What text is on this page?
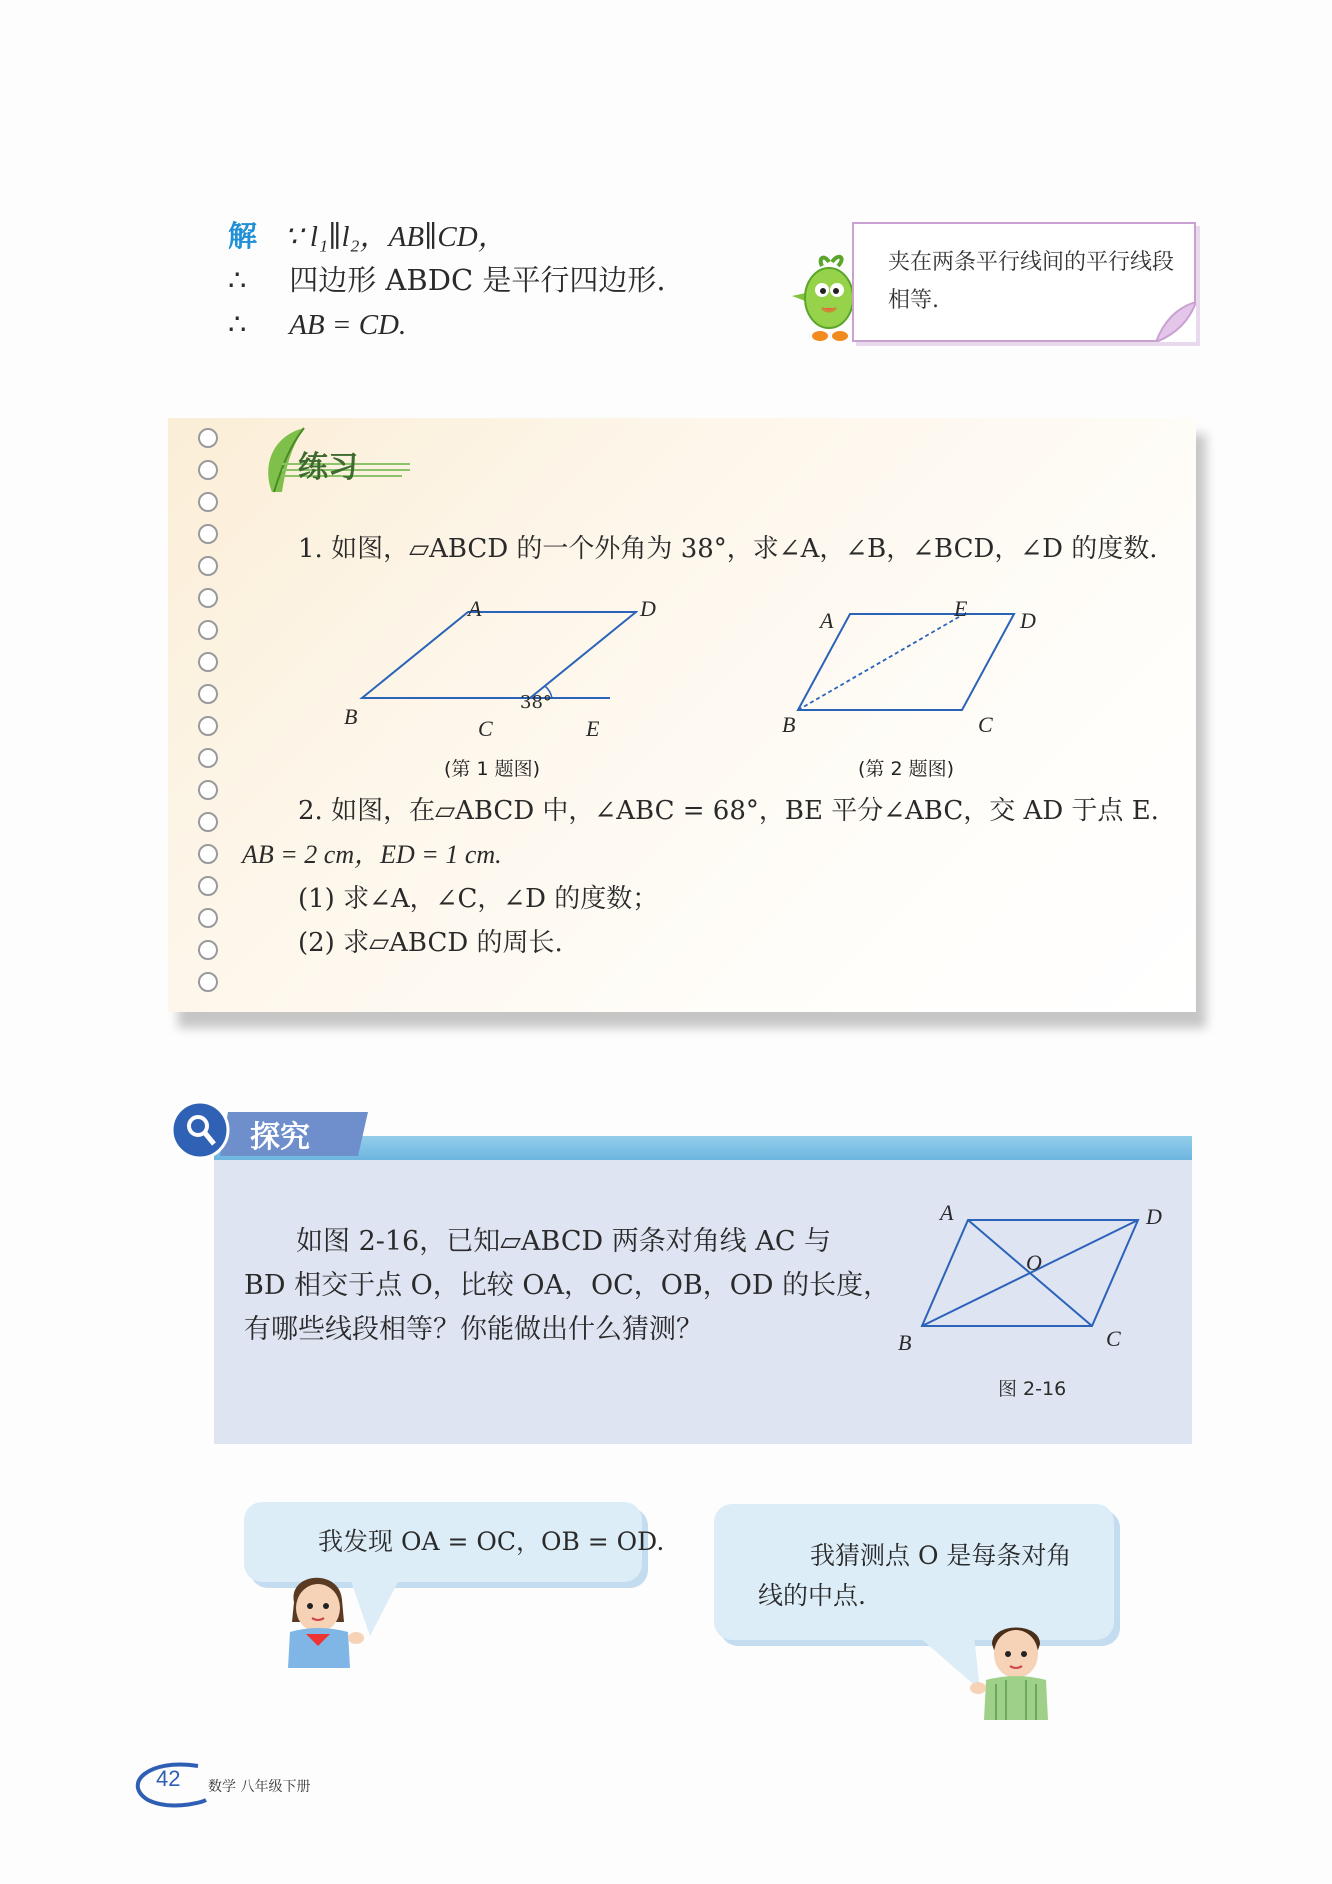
解 ∵ l₁∥l₂，AB∥CD，
∴ 四边形 ABDC 是平行四边形.
∴ AB = CD.
夹在两条平行线间的平行线段相等.
练习
1. 如图，▱ABCD 的一个外角为 38°，求∠A，∠B，∠BCD，∠D 的度数.
A	D
B	C	E
38°
(第 1 题图)
A	E D
B	C
(第 2 题图)
2. 如图，在▱ABCD 中，∠ABC = 68°，BE 平分∠ABC，交 AD 于点 E.
AB = 2 cm，ED = 1 cm.
(1) 求∠A，∠C，∠D 的度数；
(2) 求▱ABCD 的周长.
探究
如图 2-16，已知▱ABCD 两条对角线 AC 与
BD 相交于点 O，比较 OA，OC，OB，OD 的长度，
有哪些线段相等？你能做出什么猜测？
A	D
O
B	C
图 2-16
我发现 OA = OC，OB = OD.	我猜测点 O 是每条对角
线的中点.
42 数学 八年级下册
